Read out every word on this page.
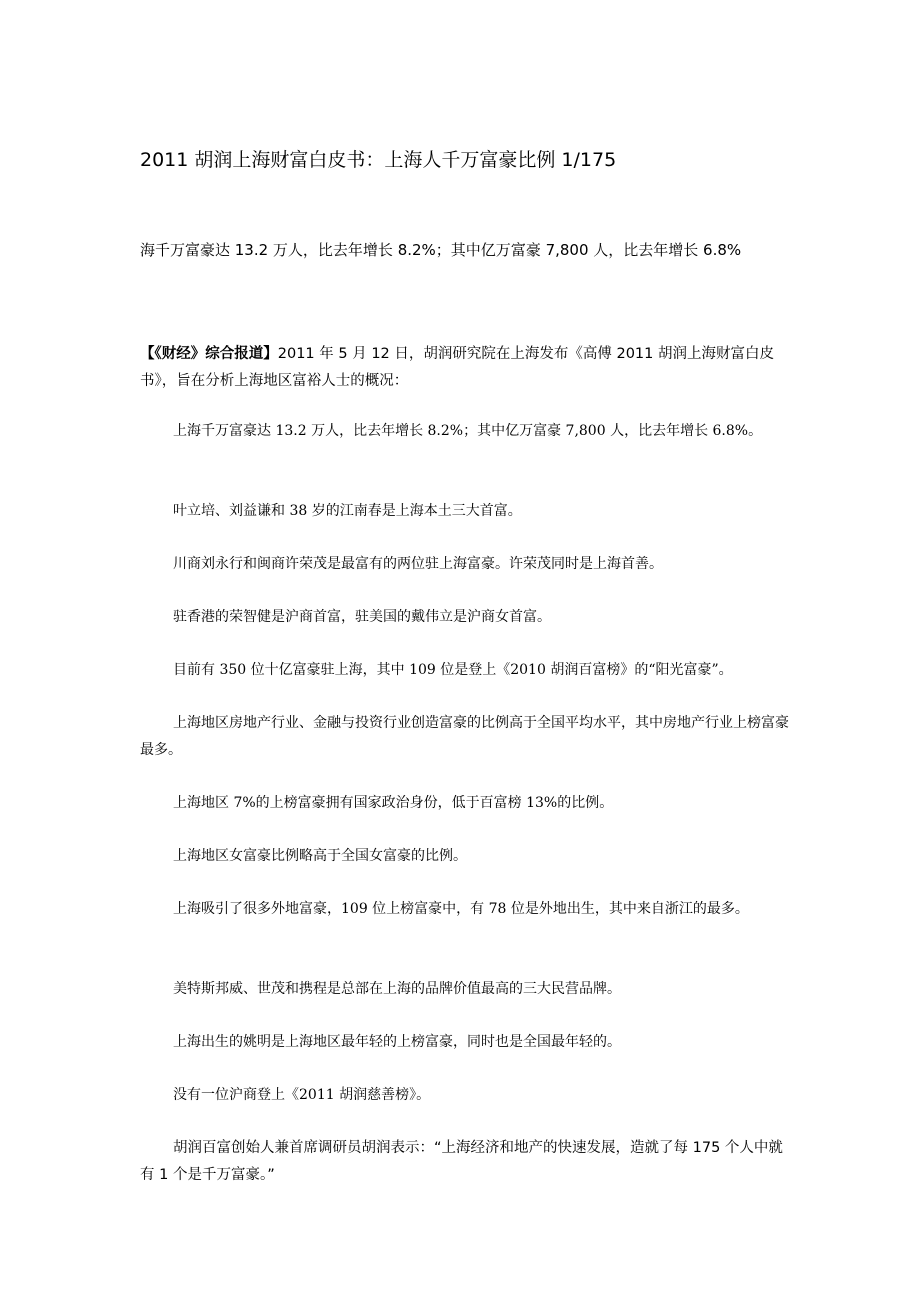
2011 胡润上海财富白皮书：上海人千万富豪比例 1/175
海千万富豪达 13.2 万人，比去年增长 8.2%；其中亿万富豪 7,800 人，比去年增长 6.8%
【《财经》综合报道】2011 年 5 月 12 日，胡润研究院在上海发布《高傅 2011 胡润上海财富白皮书》，旨在分析上海地区富裕人士的概况：
上海千万富豪达 13.2 万人，比去年增长 8.2%；其中亿万富豪 7,800 人，比去年增长 6.8%。
叶立培、刘益谦和 38 岁的江南春是上海本土三大首富。
川商刘永行和闽商许荣茂是最富有的两位驻上海富豪。许荣茂同时是上海首善。
驻香港的荣智健是沪商首富，驻美国的戴伟立是沪商女首富。
目前有 350 位十亿富豪驻上海，其中 109 位是登上《2010 胡润百富榜》的“阳光富豪”。
上海地区房地产行业、金融与投资行业创造富豪的比例高于全国平均水平，其中房地产行业上榜富豪最多。
上海地区 7%的上榜富豪拥有国家政治身份，低于百富榜 13%的比例。
上海地区女富豪比例略高于全国女富豪的比例。
上海吸引了很多外地富豪，109 位上榜富豪中，有 78 位是外地出生，其中来自浙江的最多。
美特斯邦威、世茂和携程是总部在上海的品牌价值最高的三大民营品牌。
上海出生的姚明是上海地区最年轻的上榜富豪，同时也是全国最年轻的。
没有一位沪商登上《2011 胡润慈善榜》。
胡润百富创始人兼首席调研员胡润表示：“上海经济和地产的快速发展，造就了每 175 个人中就有 1 个是千万富豪。”
